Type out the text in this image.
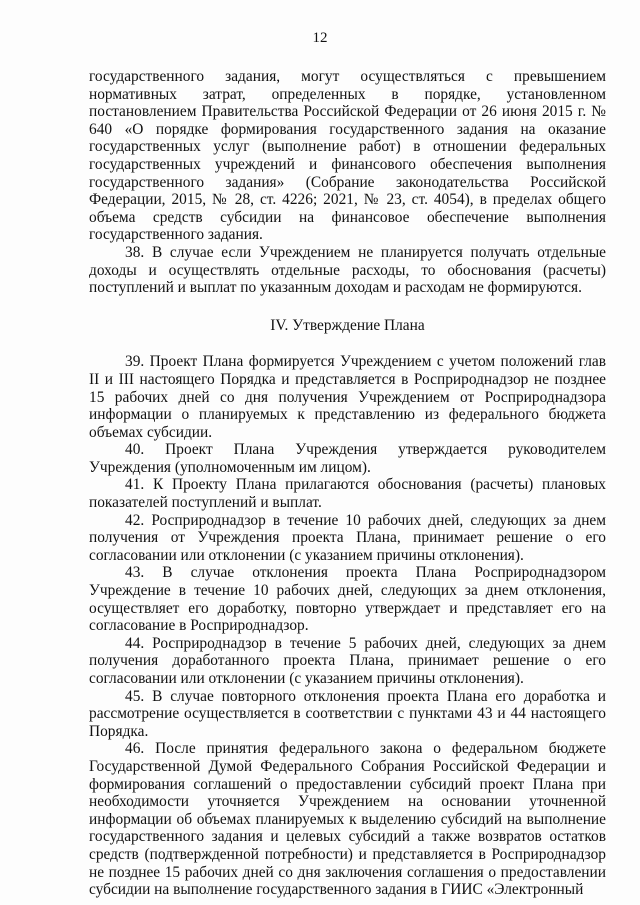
12

государственного задания, могут осуществляться с превышением нормативных затрат, определенных в порядке, установленном постановлением Правительства Российской Федерации от 26 июня 2015 г. № 640 «О порядке формирования государственного задания на оказание государственных услуг (выполнение работ) в отношении федеральных государственных учреждений и финансового обеспечения выполнения государственного задания» (Собрание законодательства Российской Федерации, 2015, № 28, ст. 4226; 2021, № 23, ст. 4054), в пределах общего объема средств субсидии на финансовое обеспечение выполнения государственного задания.

38. В случае если Учреждением не планируется получать отдельные доходы и осуществлять отдельные расходы, то обоснования (расчеты) поступлений и выплат по указанным доходам и расходам не формируются.

IV. Утверждение Плана

39. Проект Плана формируется Учреждением с учетом положений глав II и III настоящего Порядка и представляется в Росприроднадзор не позднее 15 рабочих дней со дня получения Учреждением от Росприроднадзора информации о планируемых к представлению из федерального бюджета объемах субсидии.

40. Проект Плана Учреждения утверждается руководителем Учреждения (уполномоченным им лицом).

41. К Проекту Плана прилагаются обоснования (расчеты) плановых показателей поступлений и выплат.

42. Росприроднадзор в течение 10 рабочих дней, следующих за днем получения от Учреждения проекта Плана, принимает решение о его согласовании или отклонении (с указанием причины отклонения).

43. В случае отклонения проекта Плана Росприроднадзором Учреждение в течение 10 рабочих дней, следующих за днем отклонения, осуществляет его доработку, повторно утверждает и представляет его на согласование в Росприроднадзор.

44. Росприроднадзор в течение 5 рабочих дней, следующих за днем получения доработанного проекта Плана, принимает решение о его согласовании или отклонении (с указанием причины отклонения).

45. В случае повторного отклонения проекта Плана его доработка и рассмотрение осуществляется в соответствии с пунктами 43 и 44 настоящего Порядка.

46. После принятия федерального закона о федеральном бюджете Государственной Думой Федерального Собрания Российской Федерации и формирования соглашений о предоставлении субсидий проект Плана при необходимости уточняется Учреждением на основании уточненной информации об объемах планируемых к выделению субсидий на выполнение государственного задания и целевых субсидий а также возвратов остатков средств (подтвержденной потребности) и представляется в Росприроднадзор не позднее 15 рабочих дней со дня заключения соглашения о предоставлении субсидии на выполнение государственного задания в ГИИС «Электронный
